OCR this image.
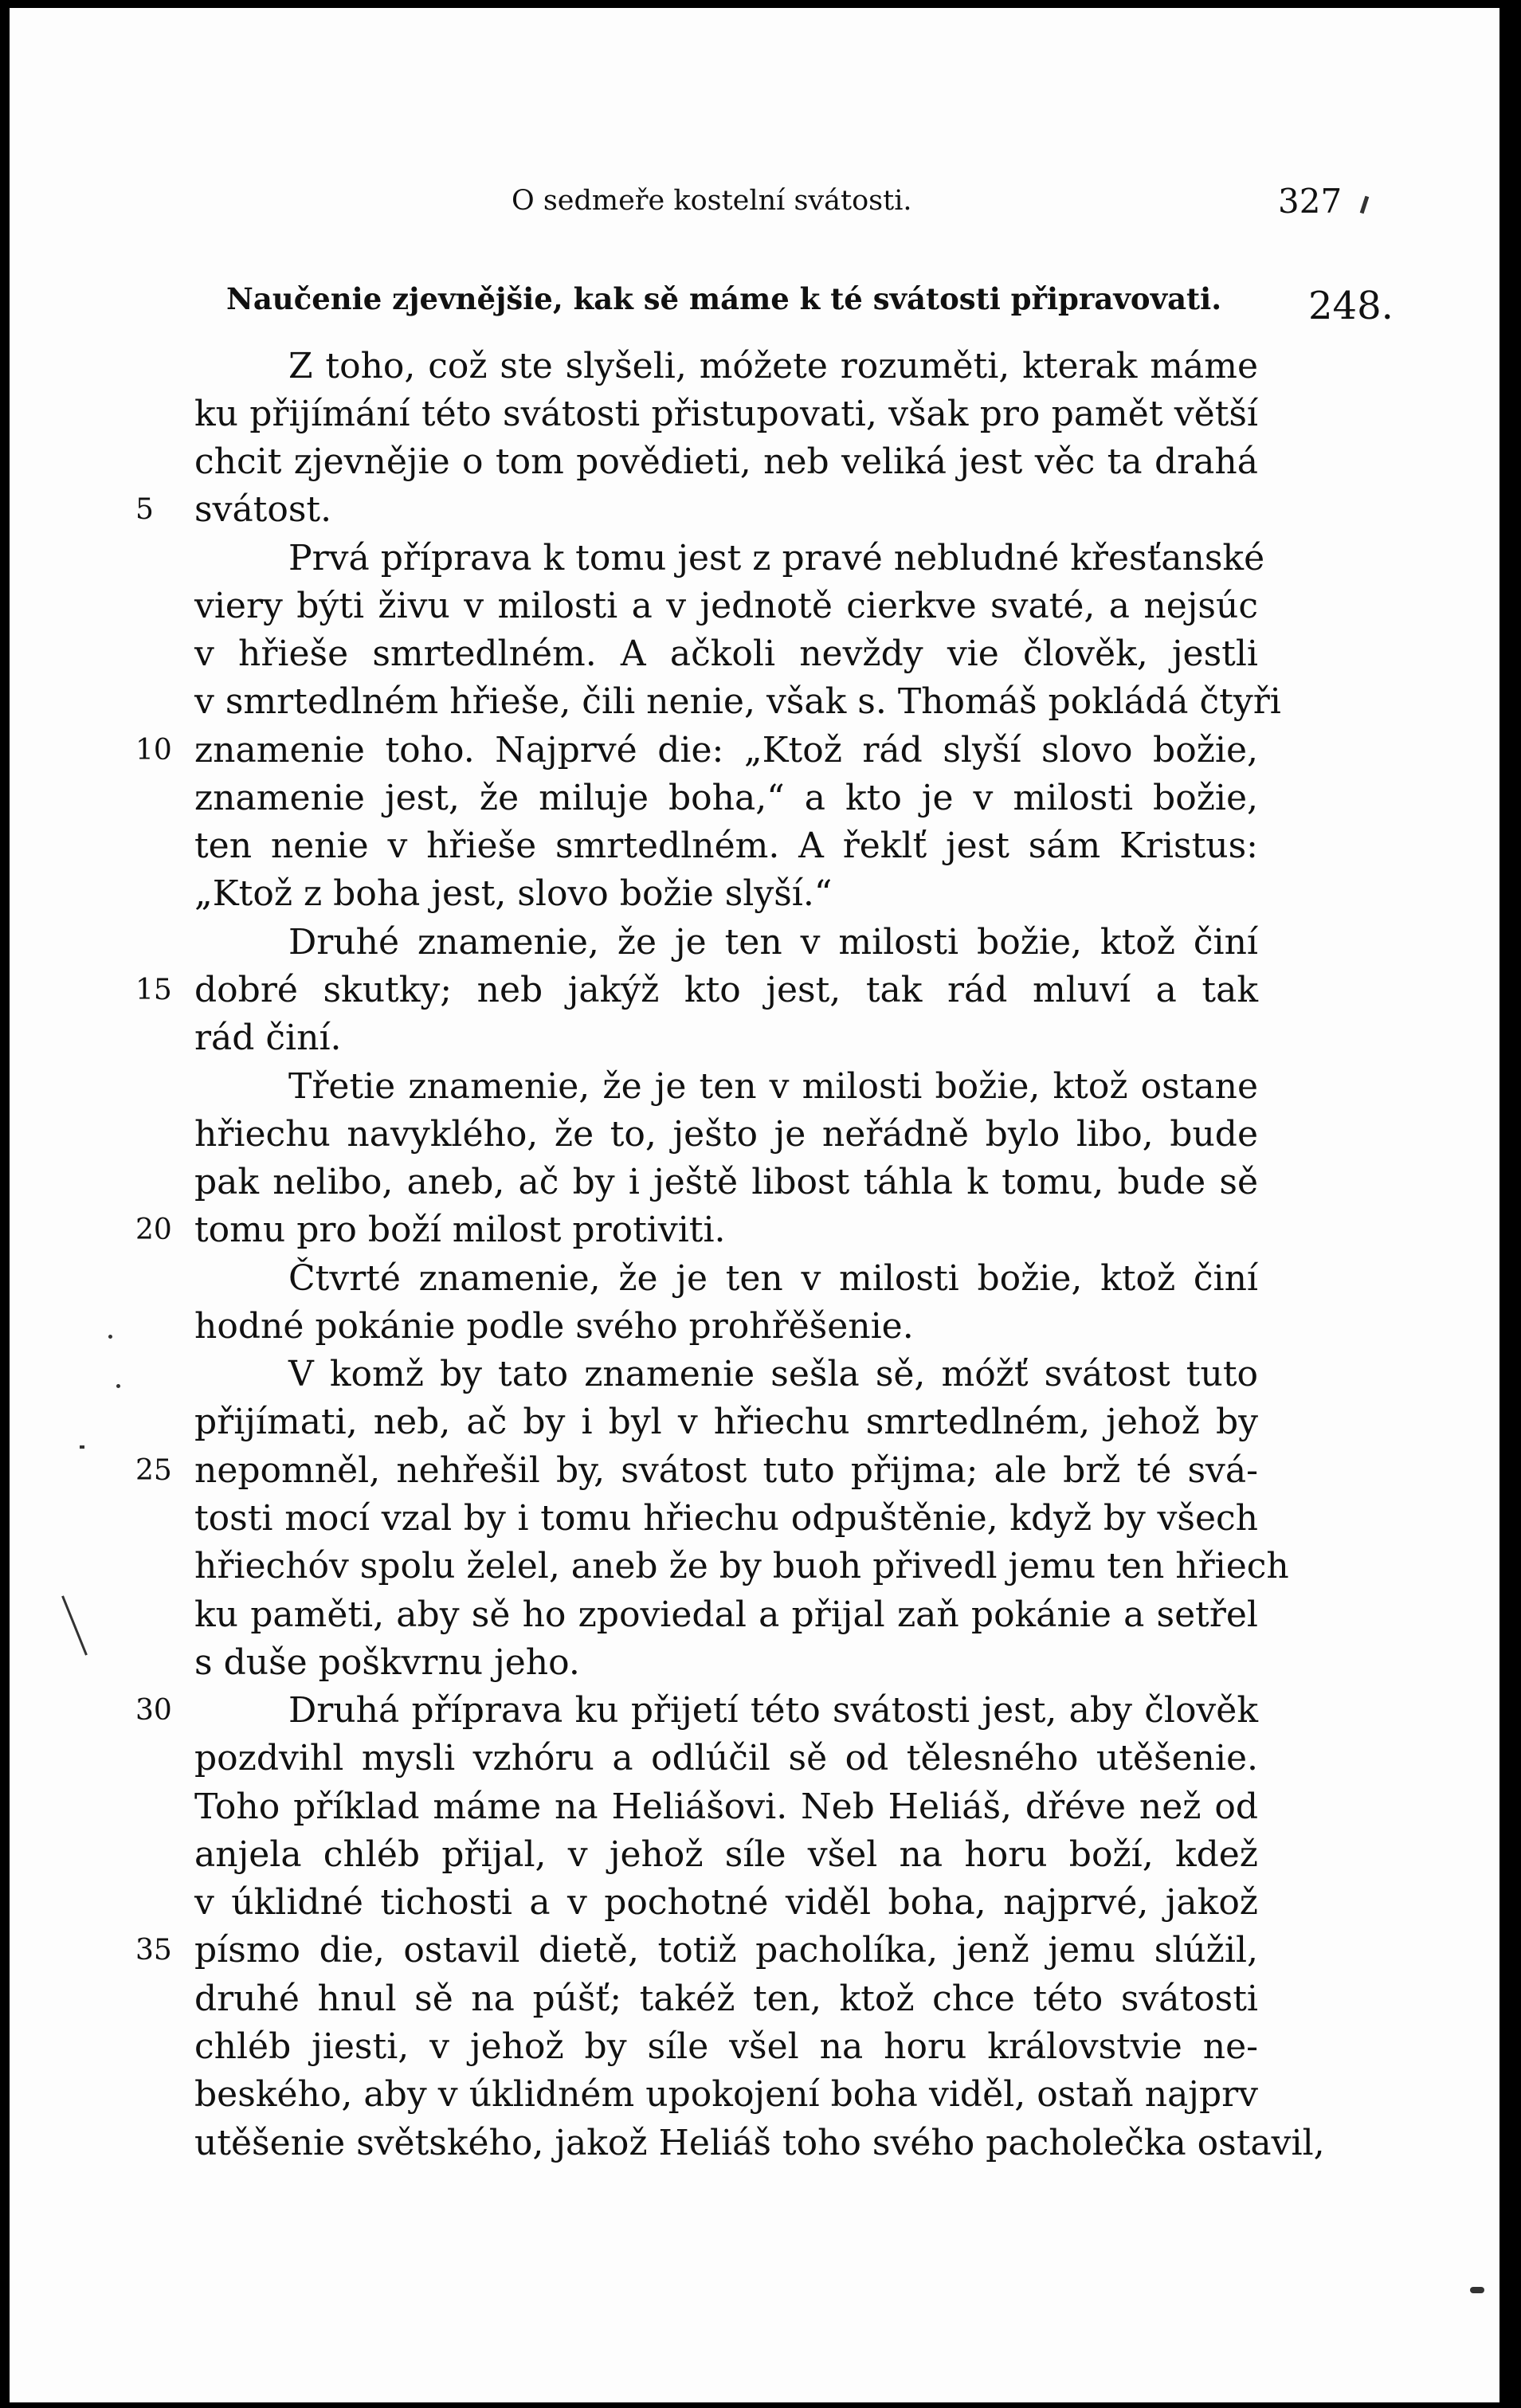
O sedmeře kostelní svátosti.	327
Naučenie zjevnějšie, kak sě máme k té svátosti připravovati. 248.
Z toho, což ste slyšeli, móžete rozuměti, kterak máme
ku přijímání této svátosti přistupovati, však pro pamět větší
chcit zjevnějie o tom povědieti, neb veliká jest věc ta drahá
svátost.
Prvá příprava k tomu jest z pravé nebludné křesťanské
viery býti živu v milosti a v jednotě cierkve svaté, a nejsúc
v hřieše smrtedlném. A ačkoli nevždy vie člověk, jestli
v smrtedlném hřieše, čili nenie, však s. Thomáš pokládá čtyři
znamenie toho. Najprvé die: „Ktož rád slyší slovo božie,
znamenie jest, že miluje boha,“ a kto je v milosti božie,
ten nenie v hřieše smrtedlném. A řeklť jest sám Kristus:
„Ktož z boha jest, slovo božie slyší.“
Druhé znamenie, že je ten v milosti božie, ktož činí
dobré skutky; neb jakýž kto jest, tak rád mluví a tak
rád činí.
Třetie znamenie, že je ten v milosti božie, ktož ostane
hřiechu navyklého, že to, ješto je neřádně bylo libo, bude
pak nelibo, aneb, ač by i ještě libost táhla k tomu, bude sě
tomu pro boží milost protiviti.
Čtvrté znamenie, že je ten v milosti božie, ktož činí
hodné pokánie podle svého prohřěšenie.
V komž by tato znamenie sešla sě, móžť svátost tuto
přijímati, neb, ač by i byl v hřiechu smrtedlném, jehož by
nepomněl, nehřešil by, svátost tuto přijma; ale brž té svá-
tosti mocí vzal by i tomu hřiechu odpuštěnie, když by všech
hřiechóv spolu želel, aneb že by buoh přivedl jemu ten hřiech
ku paměti, aby sě ho zpoviedal a přijal zaň pokánie a setřel
s duše poškvrnu jeho.
Druhá příprava ku přijetí této svátosti jest, aby člověk
pozdvihl mysli vzhóru a odlúčil sě od tělesného utěšenie.
Toho příklad máme na Heliášovi. Neb Heliáš, dřéve než od
anjela chléb přijal, v jehož síle všel na horu boží, kdež
v úklidné tichosti a v pochotné viděl boha, najprvé, jakož
písmo die, ostavil dietě, totiž pacholíka, jenž jemu slúžil,
druhé hnul sě na púšť; takéž ten, ktož chce této svátosti
chléb jiesti, v jehož by síle všel na horu královstvie ne-
beského, aby v úklidném upokojení boha viděl, ostaň najprv
utěšenie světského, jakož Heliáš toho svého pacholečka ostavil,
5
10
15
20
25
30
35
